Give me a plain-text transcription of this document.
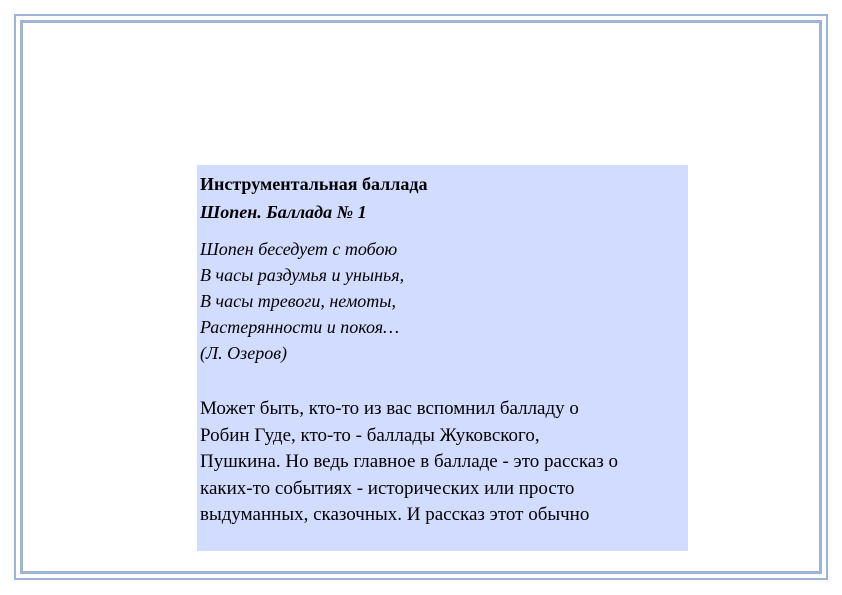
Инструментальная баллада
Шопен. Баллада № 1
Шопен беседует с тобою
В часы раздумья и унынья,
В часы тревоги, немоты,
Растерянности и покоя…
(Л. Озеров)
Может быть, кто-то из вас вспомнил балладу о
Робин Гуде, кто-то - баллады Жуковского,
Пушкина. Но ведь главное в балладе - это рассказ о
каких-то событиях - исторических или просто
выдуманных, сказочных. И рассказ этот обычно
